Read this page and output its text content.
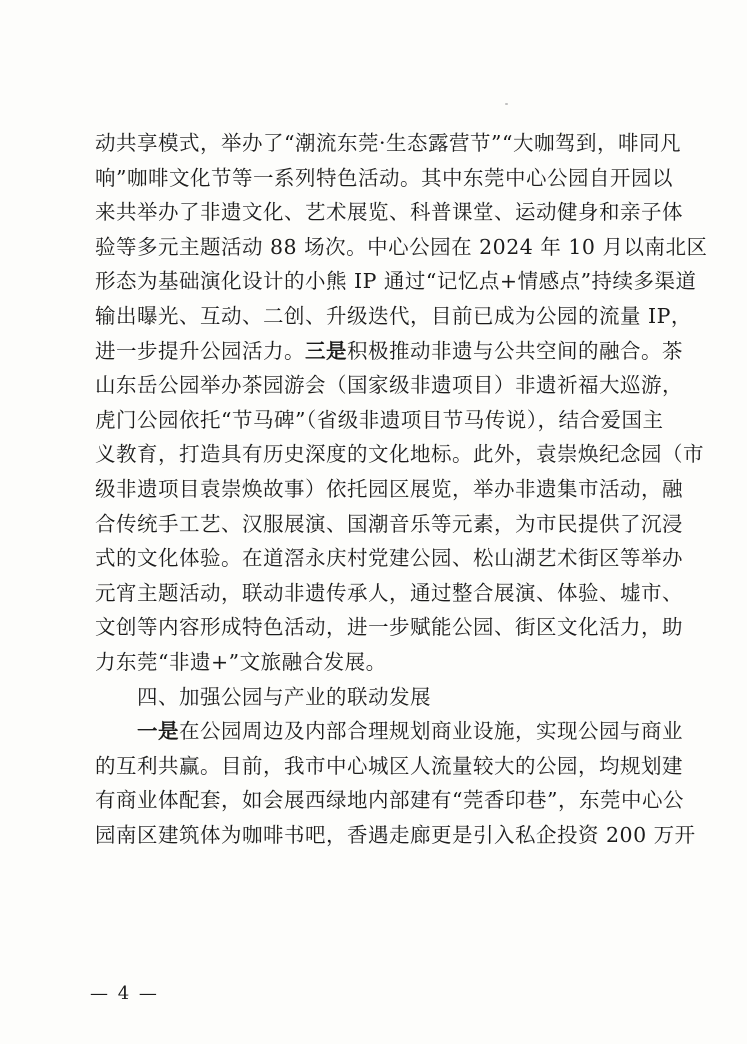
动共享模式，举办了“潮流东莞·生态露营节”“大咖驾到，啡同凡
响”咖啡文化节等一系列特色活动。其中东莞中心公园自开园以
来共举办了非遗文化、艺术展览、科普课堂、运动健身和亲子体
验等多元主题活动 88 场次。中心公园在 2024 年 10 月以南北区
形态为基础演化设计的小熊 IP 通过“记忆点+情感点”持续多渠道
输出曝光、互动、二创、升级迭代，目前已成为公园的流量 IP，
进一步提升公园活力。三是积极推动非遗与公共空间的融合。茶
山东岳公园举办茶园游会（国家级非遗项目）非遗祈福大巡游，
虎门公园依托“节马碑”（省级非遗项目节马传说），结合爱国主
义教育，打造具有历史深度的文化地标。此外，袁崇焕纪念园（市
级非遗项目袁崇焕故事）依托园区展览，举办非遗集市活动，融
合传统手工艺、汉服展演、国潮音乐等元素，为市民提供了沉浸
式的文化体验。在道滘永庆村党建公园、松山湖艺术街区等举办
元宵主题活动，联动非遗传承人，通过整合展演、体验、墟市、
文创等内容形成特色活动，进一步赋能公园、街区文化活力，助
力东莞“非遗+”文旅融合发展。
四、加强公园与产业的联动发展
一是在公园周边及内部合理规划商业设施，实现公园与商业
的互利共赢。目前，我市中心城区人流量较大的公园，均规划建
有商业体配套，如会展西绿地内部建有“莞香印巷”，东莞中心公
园南区建筑体为咖啡书吧，香遇走廊更是引入私企投资 200 万开
— 4 —
